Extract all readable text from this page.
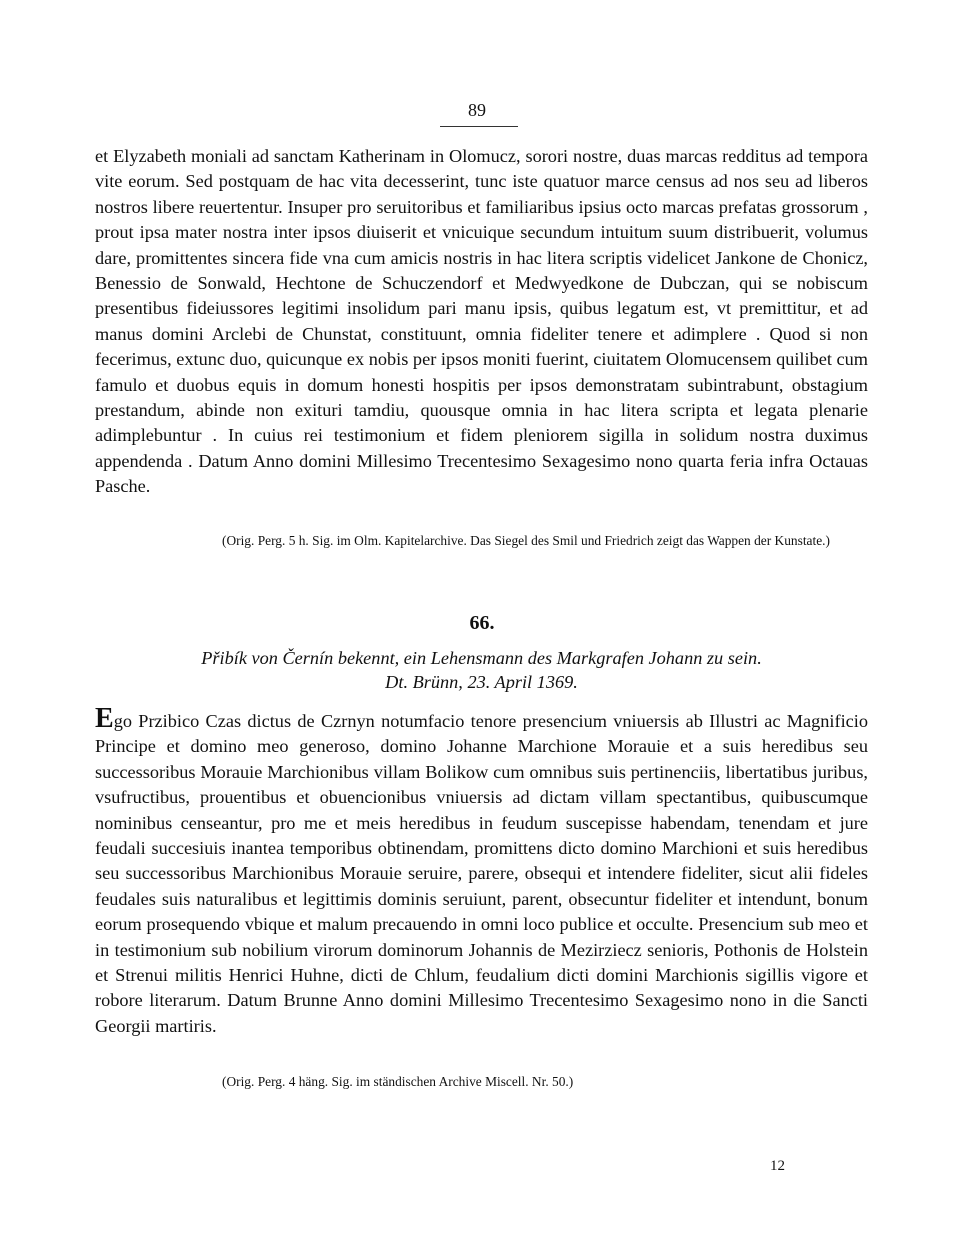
89

et Elyzabeth moniali ad sanctam Katherinam in Olomucz, sorori nostre, duas marcas redditus ad tempora vite eorum. Sed postquam de hac vita decesserint, tunc iste quatuor marce census ad nos seu ad liberos nostros libere reuertentur. Insuper pro seruitoribus et familiaribus ipsius octo marcas prefatas grossorum , prout ipsa mater nostra inter ipsos diuiserit et vnicuique secundum intuitum suum distribuerit, volumus dare, promittentes sincera fide vna cum amicis nostris in hac litera scriptis videlicet Jankone de Chonicz, Benessio de Sonwald, Hechtone de Schuczendorf et Medwyedkone de Dubczan, qui se nobiscum presentibus fideiussores legitimi insolidum pari manu ipsis, quibus legatum est, vt premittitur, et ad manus domini Arclebi de Chunstat, constituunt, omnia fideliter tenere et adimplere . Quod si non fecerimus, extunc duo, quicunque ex nobis per ipsos moniti fuerint, ciuitatem Olomucensem quilibet cum famulo et duobus equis in domum honesti hospitis per ipsos demonstratam subintrabunt, obstagium prestandum, abinde non exituri tamdiu, quousque omnia in hac litera scripta et legata plenarie adimplebuntur . In cuius rei testimonium et fidem pleniorem sigilla in solidum nostra duximus appendenda . Datum Anno domini Millesimo Trecentesimo Sexagesimo nono quarta feria infra Octauas Pasche.

(Orig. Perg. 5 h. Sig. im Olm. Kapitelarchive. Das Siegel des Smil und Friedrich zeigt das Wappen der Kunstate.)

66.
Přibík von Černín bekennt, ein Lehensmann des Markgrafen Johann zu sein.
Dt. Brünn, 23. April 1369.

Ego Przibico Czas dictus de Czrnyn notumfacio tenore presencium vniuersis ab Illustri ac Magnificio Principe et domino meo generoso, domino Johanne Marchione Morauie et a suis heredibus seu successoribus Morauie Marchionibus villam Bolikow cum omnibus suis pertinenciis, libertatibus juribus, vsufructibus, prouentibus et obuencionibus vniuersis ad dictam villam spectantibus, quibuscumque nominibus censeantur, pro me et meis heredibus in feudum suscepisse habendam, tenendam et jure feudali succesiuis inantea temporibus obtinendam, promittens dicto domino Marchioni et suis heredibus seu successoribus Marchionibus Morauie seruire, parere, obsequi et intendere fideliter, sicut alii fideles feudales suis naturalibus et legittimis dominis seruiunt, parent, obsecuntur fideliter et intendunt, bonum eorum prosequendo vbique et malum precauendo in omni loco publice et occulte. Presencium sub meo et in testimonium sub nobilium virorum dominorum Johannis de Mezirziecz senioris, Pothonis de Holstein et Strenui militis Henrici Huhne, dicti de Chlum, feudalium dicti domini Marchionis sigillis vigore et robore literarum. Datum Brunne Anno domini Millesimo Trecentesimo Sexagesimo nono in die Sancti Georgii martiris.

(Orig. Perg. 4 häng. Sig. im ständischen Archive Miscell. Nr. 50.)

12
